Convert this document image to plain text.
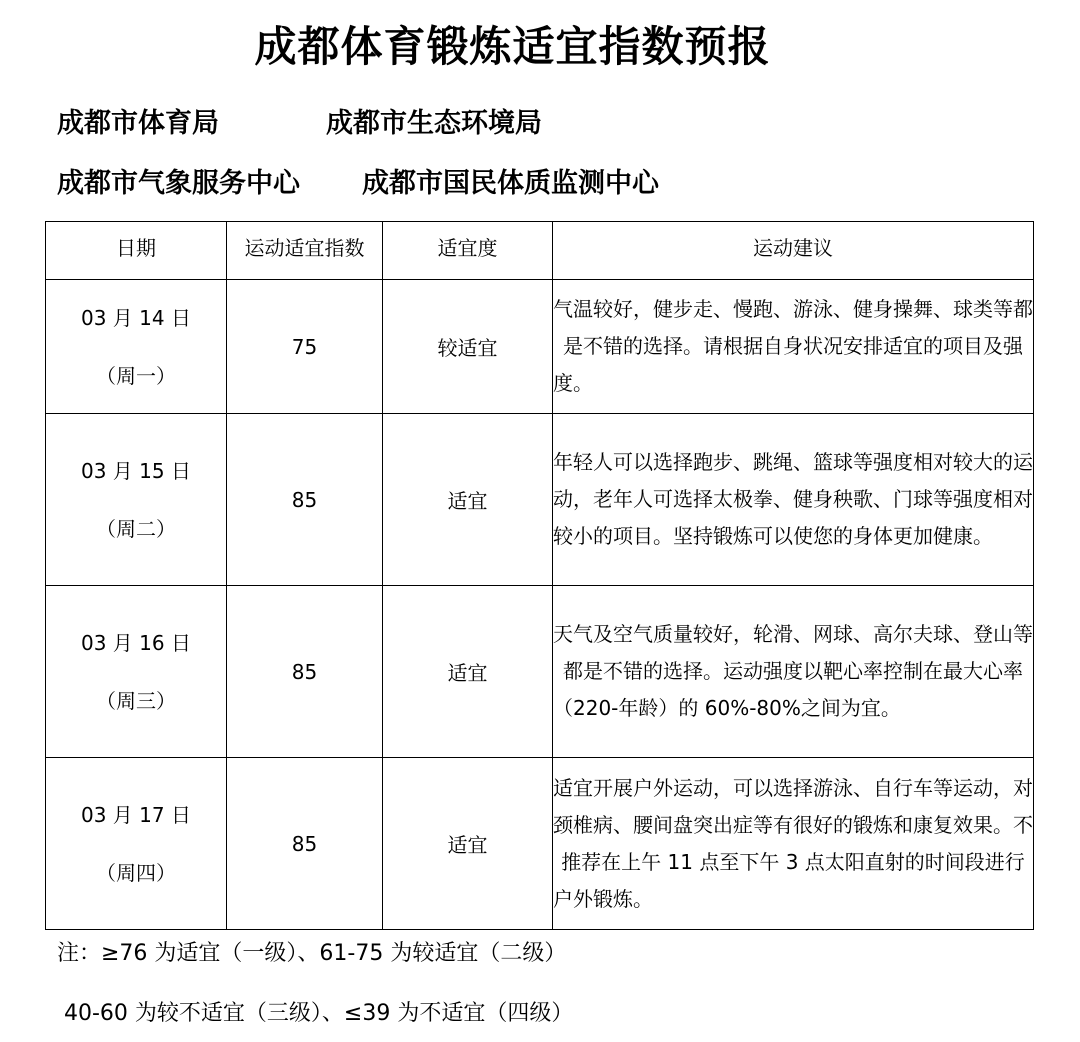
成都体育锻炼适宜指数预报
成都市体育局	成都市生态环境局
成都市气象服务中心 成都市国民体质监测中心
日期	运动适宜指数	适宜度	运动建议

03 月 14 日
（周一）	75	较适宜	气温较好，健步走、慢跑、游泳、健身操舞、球类等都是不错的选择。请根据自身状况安排适宜的项目及强度。

03 月 15 日
（周二）	85	适宜	年轻人可以选择跑步、跳绳、篮球等强度相对较大的运动，老年人可选择太极拳、健身秧歌、门球等强度相对较小的项目。坚持锻炼可以使您的身体更加健康。

03 月 16 日
（周三）	85	适宜	天气及空气质量较好，轮滑、网球、高尔夫球、登山等都是不错的选择。运动强度以靶心率控制在最大心率（220-年龄）的 60%-80%之间为宜。

03 月 17 日
（周四）	85	适宜	适宜开展户外运动，可以选择游泳、自行车等运动，对颈椎病、腰间盘突出症等有很好的锻炼和康复效果。不推荐在上午 11 点至下午 3 点太阳直射的时间段进行户外锻炼。
注：≥76 为适宜（一级）、61-75 为较适宜（二级）
40-60 为较不适宜（三级）、≤39 为不适宜（四级）
